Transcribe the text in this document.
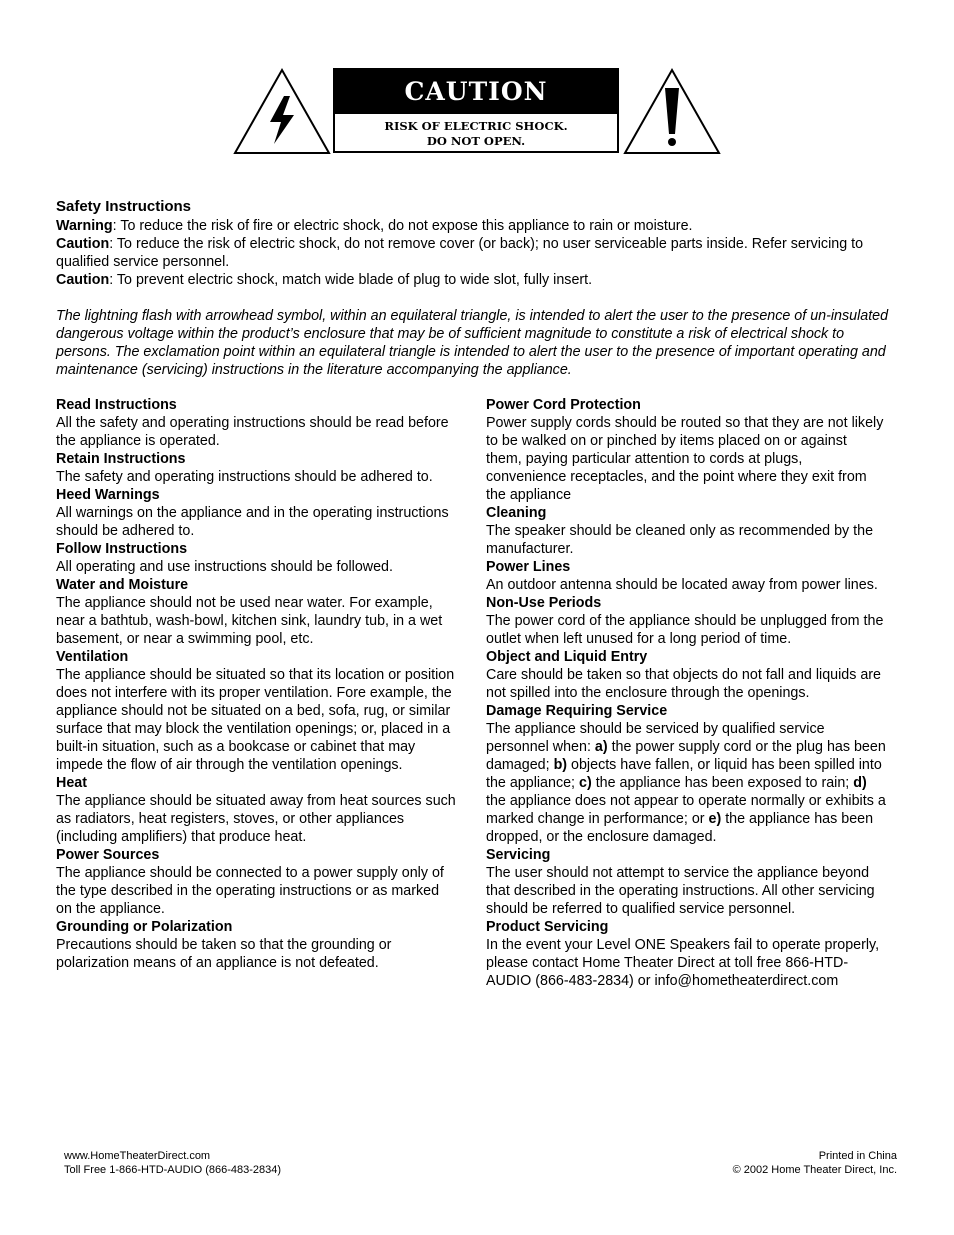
CAUTION
RISK OF ELECTRIC SHOCK.
DO NOT OPEN.
Safety Instructions
Warning: To reduce the risk of fire or electric shock, do not expose this appliance to rain or moisture.
Caution: To reduce the risk of electric shock, do not remove cover (or back); no user serviceable parts inside. Refer servicing to qualified service personnel.
Caution: To prevent electric shock, match wide blade of plug to wide slot, fully insert.
The lightning flash with arrowhead symbol, within an equilateral triangle, is intended to alert the user to the presence of un-insulated dangerous voltage within the product’s enclosure that may be of sufficient magnitude to constitute a risk of electrical shock to persons. The exclamation point within an equilateral triangle is intended to alert the user to the presence of important operating and maintenance (servicing) instructions in the literature accompanying the appliance.
Read Instructions

All the safety and operating instructions should be read before the appliance is operated.

Retain Instructions

The safety and operating instructions should be adhered to.

Heed Warnings

All warnings on the appliance and in the operating instructions should be adhered to.

Follow Instructions

All operating and use instructions should be followed.

Water and Moisture

The appliance should not be used near water. For example, near a bathtub, wash-bowl, kitchen sink, laundry tub, in a wet basement, or near a swimming pool, etc.

Ventilation

The appliance should be situated so that its location or position does not interfere with its proper ventilation. Fore example, the appliance should not be situated on a bed, sofa, rug, or similar surface that may block the ventilation openings; or, placed in a built-in situation, such as a bookcase or cabinet that may impede the flow of air through the ventilation openings.

Heat

The appliance should be situated away from heat sources such as radiators, heat registers, stoves, or other appliances (including amplifiers) that produce heat.

Power Sources

The appliance should be connected to a power supply only of the type described in the operating instructions or as marked on the appliance.

Grounding or Polarization

Precautions should be taken so that the grounding or polarization means of an appliance is not defeated.

Power Cord Protection

Power supply cords should be routed so that they are not likely to be walked on or pinched by items placed on or against them, paying particular attention to cords at plugs, convenience receptacles, and the point where they exit from the appliance

Cleaning

The speaker should be cleaned only as recommended by the manufacturer.

Power Lines

An outdoor antenna should be located away from power lines.

Non-Use Periods

The power cord of the appliance should be unplugged from the outlet when left unused for a long period of time.

Object and Liquid Entry

Care should be taken so that objects do not fall and liquids are not spilled into the enclosure through the openings.

Damage Requiring Service

The appliance should be serviced by qualified service personnel when: a) the power supply cord or the plug has been damaged; b) objects have fallen, or liquid has been spilled into the appliance; c) the appliance has been exposed to rain; d) the appliance does not appear to operate normally or exhibits a marked change in performance; or e) the appliance has been dropped, or the enclosure damaged.

Servicing

The user should not attempt to service the appliance beyond that described in the operating instructions. All other servicing should be referred to qualified service personnel.

Product Servicing

In the event your Level ONE Speakers fail to operate properly, please contact Home Theater Direct at toll free 866-HTD-AUDIO (866-483-2834) or info@hometheaterdirect.com

www.HomeTheaterDirect.com
Toll Free 1-866-HTD-AUDIO (866-483-2834)
Printed in China
© 2002 Home Theater Direct, Inc.
